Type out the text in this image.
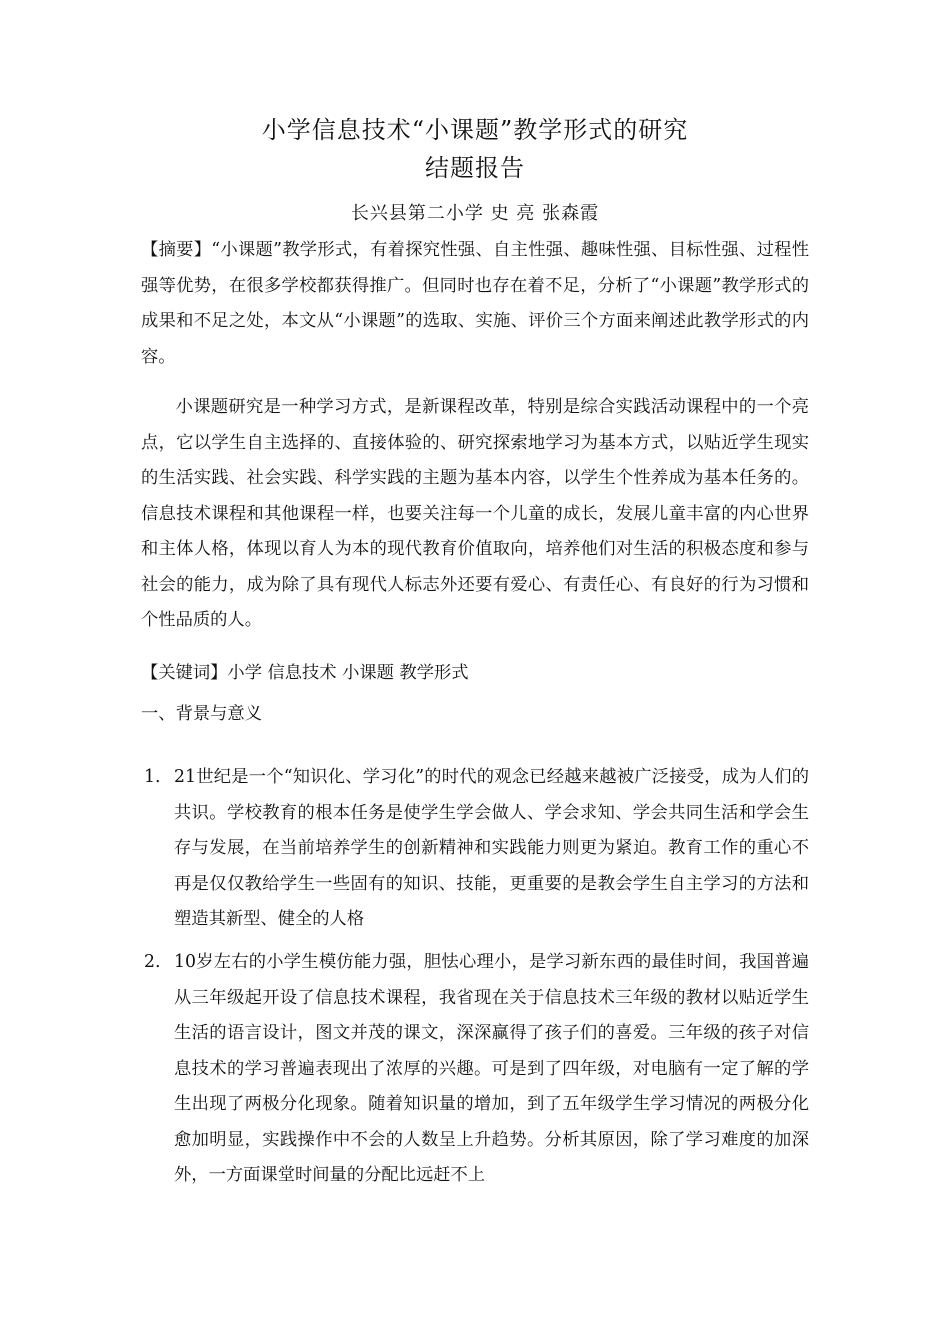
小学信息技术“小课题”教学形式的研究
结题报告
长兴县第二小学 史 亮 张森霞
【摘要】“小课题”教学形式，有着探究性强、自主性强、趣味性强、目标性强、过程性强等优势，在很多学校都获得推广。但同时也存在着不足，分析了“小课题”教学形式的成果和不足之处，本文从“小课题”的选取、实施、评价三个方面来阐述此教学形式的内容。
小课题研究是一种学习方式，是新课程改革，特别是综合实践活动课程中的一个亮点，它以学生自主选择的、直接体验的、研究探索地学习为基本方式，以贴近学生现实的生活实践、社会实践、科学实践的主题为基本内容，以学生个性养成为基本任务的。信息技术课程和其他课程一样，也要关注每一个儿童的成长，发展儿童丰富的内心世界和主体人格，体现以育人为本的现代教育价值取向，培养他们对生活的积极态度和参与社会的能力，成为除了具有现代人标志外还要有爱心、有责任心、有良好的行为习惯和个性品质的人。
【关键词】小学 信息技术 小课题 教学形式
一、背景与意义
1. 21世纪是一个“知识化、学习化”的时代的观念已经越来越被广泛接受，成为人们的共识。学校教育的根本任务是使学生学会做人、学会求知、学会共同生活和学会生存与发展，在当前培养学生的创新精神和实践能力则更为紧迫。教育工作的重心不再是仅仅教给学生一些固有的知识、技能，更重要的是教会学生自主学习的方法和塑造其新型、健全的人格
2. 10岁左右的小学生模仿能力强，胆怯心理小，是学习新东西的最佳时间，我国普遍从三年级起开设了信息技术课程，我省现在关于信息技术三年级的教材以贴近学生生活的语言设计，图文并茂的课文，深深赢得了孩子们的喜爱。三年级的孩子对信息技术的学习普遍表现出了浓厚的兴趣。可是到了四年级，对电脑有一定了解的学生出现了两极分化现象。随着知识量的增加，到了五年级学生学习情况的两极分化愈加明显，实践操作中不会的人数呈上升趋势。分析其原因，除了学习难度的加深外，一方面课堂时间量的分配比远赶不上
